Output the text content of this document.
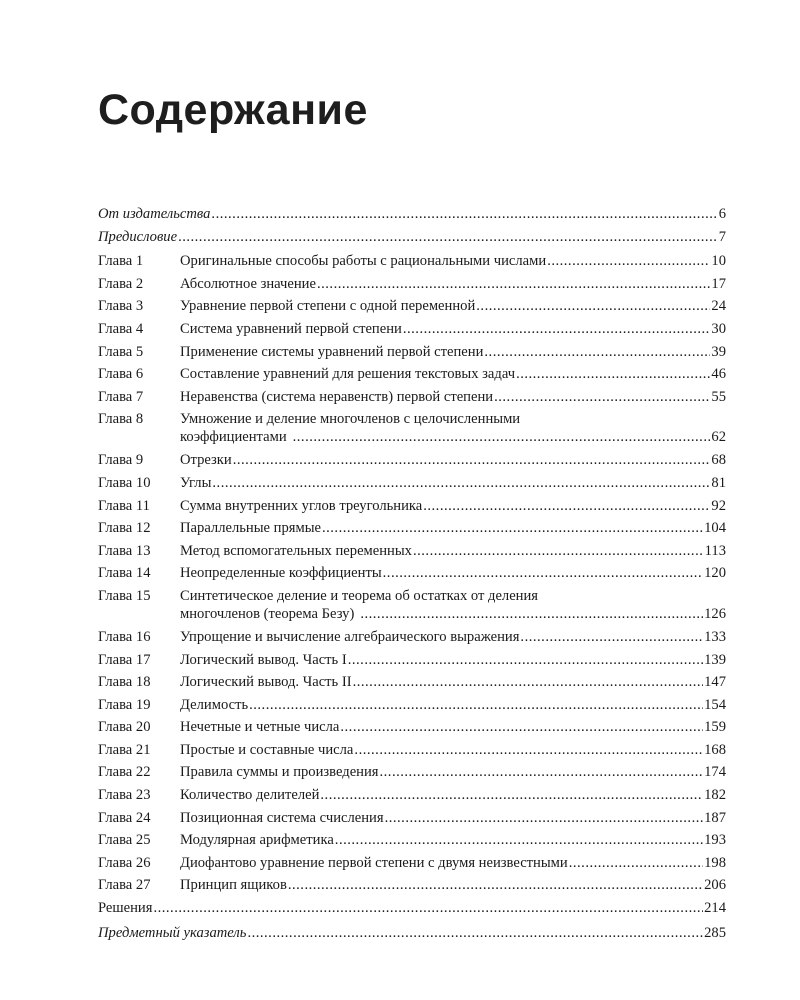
Содержание
От издательства .....	6
Предисловие .....	7
Глава 1	Оригинальные способы работы с рациональными числами .....	10
Глава 2	Абсолютное значение .....	17
Глава 3	Уравнение первой степени с одной переменной .....	24
Глава 4	Система уравнений первой степени .....	30
Глава 5	Применение системы уравнений первой степени .....	39
Глава 6	Составление уравнений для решения текстовых задач .....	46
Глава 7	Неравенства (система неравенств) первой степени .....	55
Глава 8	Умножение и деление многочленов с целочисленными
коэффициентами .....	62
Глава 9	Отрезки .....	68
Глава 10	Углы .....	81
Глава 11	Сумма внутренних углов треугольника .....	92
Глава 12	Параллельные прямые .....	104
Глава 13	Метод вспомогательных переменных .....	113
Глава 14	Неопределенные коэффициенты .....	120
Глава 15	Синтетическое деление и теорема об остатках от деления
многочленов (теорема Безу) .....	126
Глава 16	Упрощение и вычисление алгебраического выражения .....	133
Глава 17	Логический вывод. Часть I .....	139
Глава 18	Логический вывод. Часть II .....	147
Глава 19	Делимость .....	154
Глава 20	Нечетные и четные числа .....	159
Глава 21	Простые и составные числа .....	168
Глава 22	Правила суммы и произведения .....	174
Глава 23	Количество делителей .....	182
Глава 24	Позиционная система счисления .....	187
Глава 25	Модулярная арифметика .....	193
Глава 26	Диофантово уравнение первой степени с двумя неизвестными .....	198
Глава 27	Принцип ящиков .....	206
Решения .....	214
Предметный указатель .....	285
